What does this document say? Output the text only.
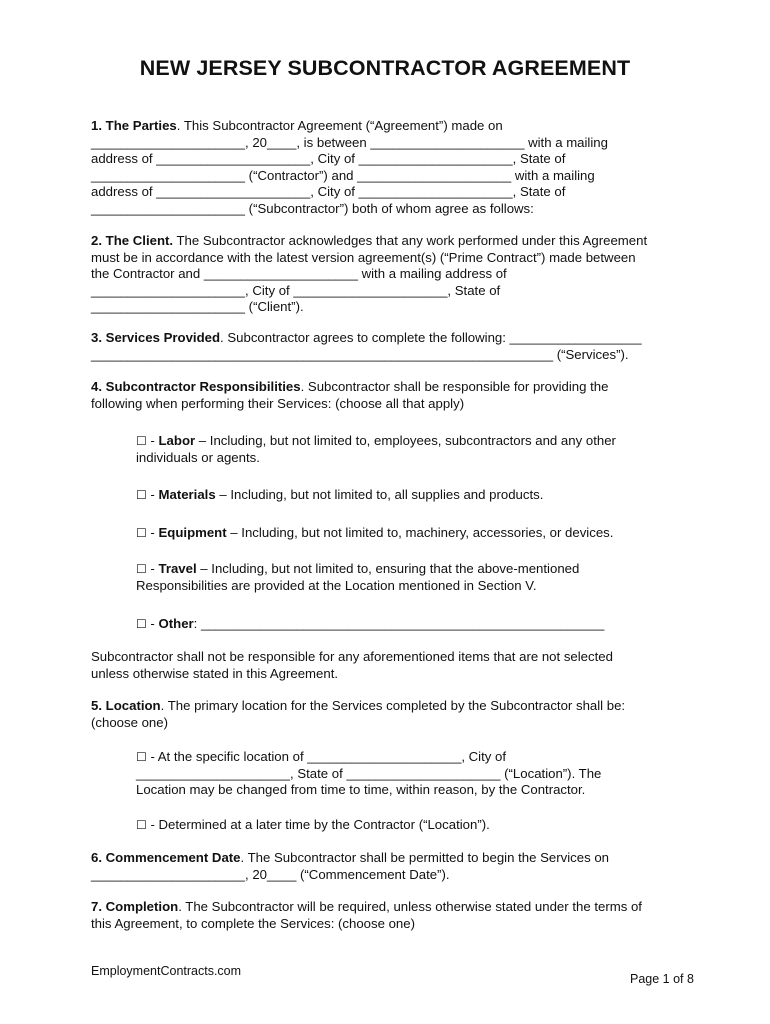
NEW JERSEY SUBCONTRACTOR AGREEMENT
1. The Parties. This Subcontractor Agreement (“Agreement”) made on
_____________________, 20____, is between _____________________ with a mailing
address of _____________________, City of _____________________, State of
_____________________ (“Contractor”) and _____________________ with a mailing
address of _____________________, City of _____________________, State of
_____________________ (“Subcontractor”) both of whom agree as follows:
2. The Client. The Subcontractor acknowledges that any work performed under this Agreement
must be in accordance with the latest version agreement(s) (“Prime Contract”) made between
the Contractor and _____________________ with a mailing address of
_____________________, City of _____________________, State of
_____________________ (“Client”).
3. Services Provided. Subcontractor agrees to complete the following: __________________
_______________________________________________________________ (“Services”).
4. Subcontractor Responsibilities. Subcontractor shall be responsible for providing the
following when performing their Services: (choose all that apply)
☐ - Labor – Including, but not limited to, employees, subcontractors and any other
individuals or agents.
☐ - Materials – Including, but not limited to, all supplies and products.
☐ - Equipment – Including, but not limited to, machinery, accessories, or devices.
☐ - Travel – Including, but not limited to, ensuring that the above-mentioned
Responsibilities are provided at the Location mentioned in Section V.
☐ - Other: _______________________________________________________
Subcontractor shall not be responsible for any aforementioned items that are not selected
unless otherwise stated in this Agreement.
5. Location. The primary location for the Services completed by the Subcontractor shall be:
(choose one)
☐ - At the specific location of _____________________, City of
_____________________, State of _____________________ (“Location”). The
Location may be changed from time to time, within reason, by the Contractor.
☐ - Determined at a later time by the Contractor (“Location”).
6. Commencement Date. The Subcontractor shall be permitted to begin the Services on
_____________________, 20____ (“Commencement Date”).
7. Completion. The Subcontractor will be required, unless otherwise stated under the terms of
this Agreement, to complete the Services: (choose one)
EmploymentContracts.com
Page 1 of 8
